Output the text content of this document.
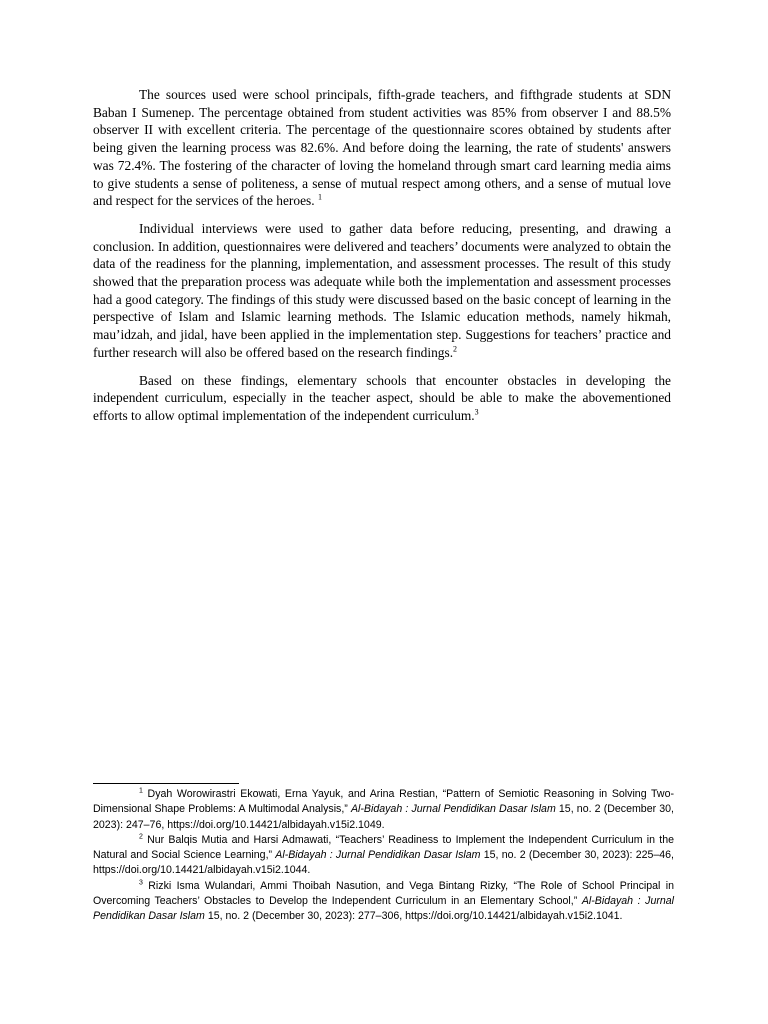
The sources used were school principals, fifth-grade teachers, and fifthgrade students at SDN Baban I Sumenep. The percentage obtained from student activities was 85% from observer I and 88.5% observer II with excellent criteria. The percentage of the questionnaire scores obtained by students after being given the learning process was 82.6%. And before doing the learning, the rate of students' answers was 72.4%. The fostering of the character of loving the homeland through smart card learning media aims to give students a sense of politeness, a sense of mutual respect among others, and a sense of mutual love and respect for the services of the heroes. $^1$

Individual interviews were used to gather data before reducing, presenting, and drawing a conclusion. In addition, questionnaires were delivered and teachers’ documents were analyzed to obtain the data of the readiness for the planning, implementation, and assessment processes. The result of this study showed that the preparation process was adequate while both the implementation and assessment processes had a good category. The findings of this study were discussed based on the basic concept of learning in the perspective of Islam and Islamic learning methods. The Islamic education methods, namely hikmah, mau’idzah, and jidal, have been applied in the implementation step. Suggestions for teachers’ practice and further research will also be offered based on the research findings.$^2$

Based on these findings, elementary schools that encounter obstacles in developing the independent curriculum, especially in the teacher aspect, should be able to make the abovementioned efforts to allow optimal implementation of the independent curriculum.$^3$

$^1$ Dyah Worowirastri Ekowati, Erna Yayuk, and Arina Restian, “Pattern of Semiotic Reasoning in Solving Two-Dimensional Shape Problems: A Multimodal Analysis,” Al-Bidayah : Jurnal Pendidikan Dasar Islam 15, no. 2 (December 30, 2023): 247–76, https://doi.org/10.14421/albidayah.v15i2.1049.

$^2$ Nur Balqis Mutia and Harsi Admawati, “Teachers’ Readiness to Implement the Independent Curriculum in the Natural and Social Science Learning,” Al-Bidayah : Jurnal Pendidikan Dasar Islam 15, no. 2 (December 30, 2023): 225–46, https://doi.org/10.14421/albidayah.v15i2.1044.

$^3$ Rizki Isma Wulandari, Ammi Thoibah Nasution, and Vega Bintang Rizky, “The Role of School Principal in Overcoming Teachers’ Obstacles to Develop the Independent Curriculum in an Elementary School,” Al-Bidayah : Jurnal Pendidikan Dasar Islam 15, no. 2 (December 30, 2023): 277–306, https://doi.org/10.14421/albidayah.v15i2.1041.
